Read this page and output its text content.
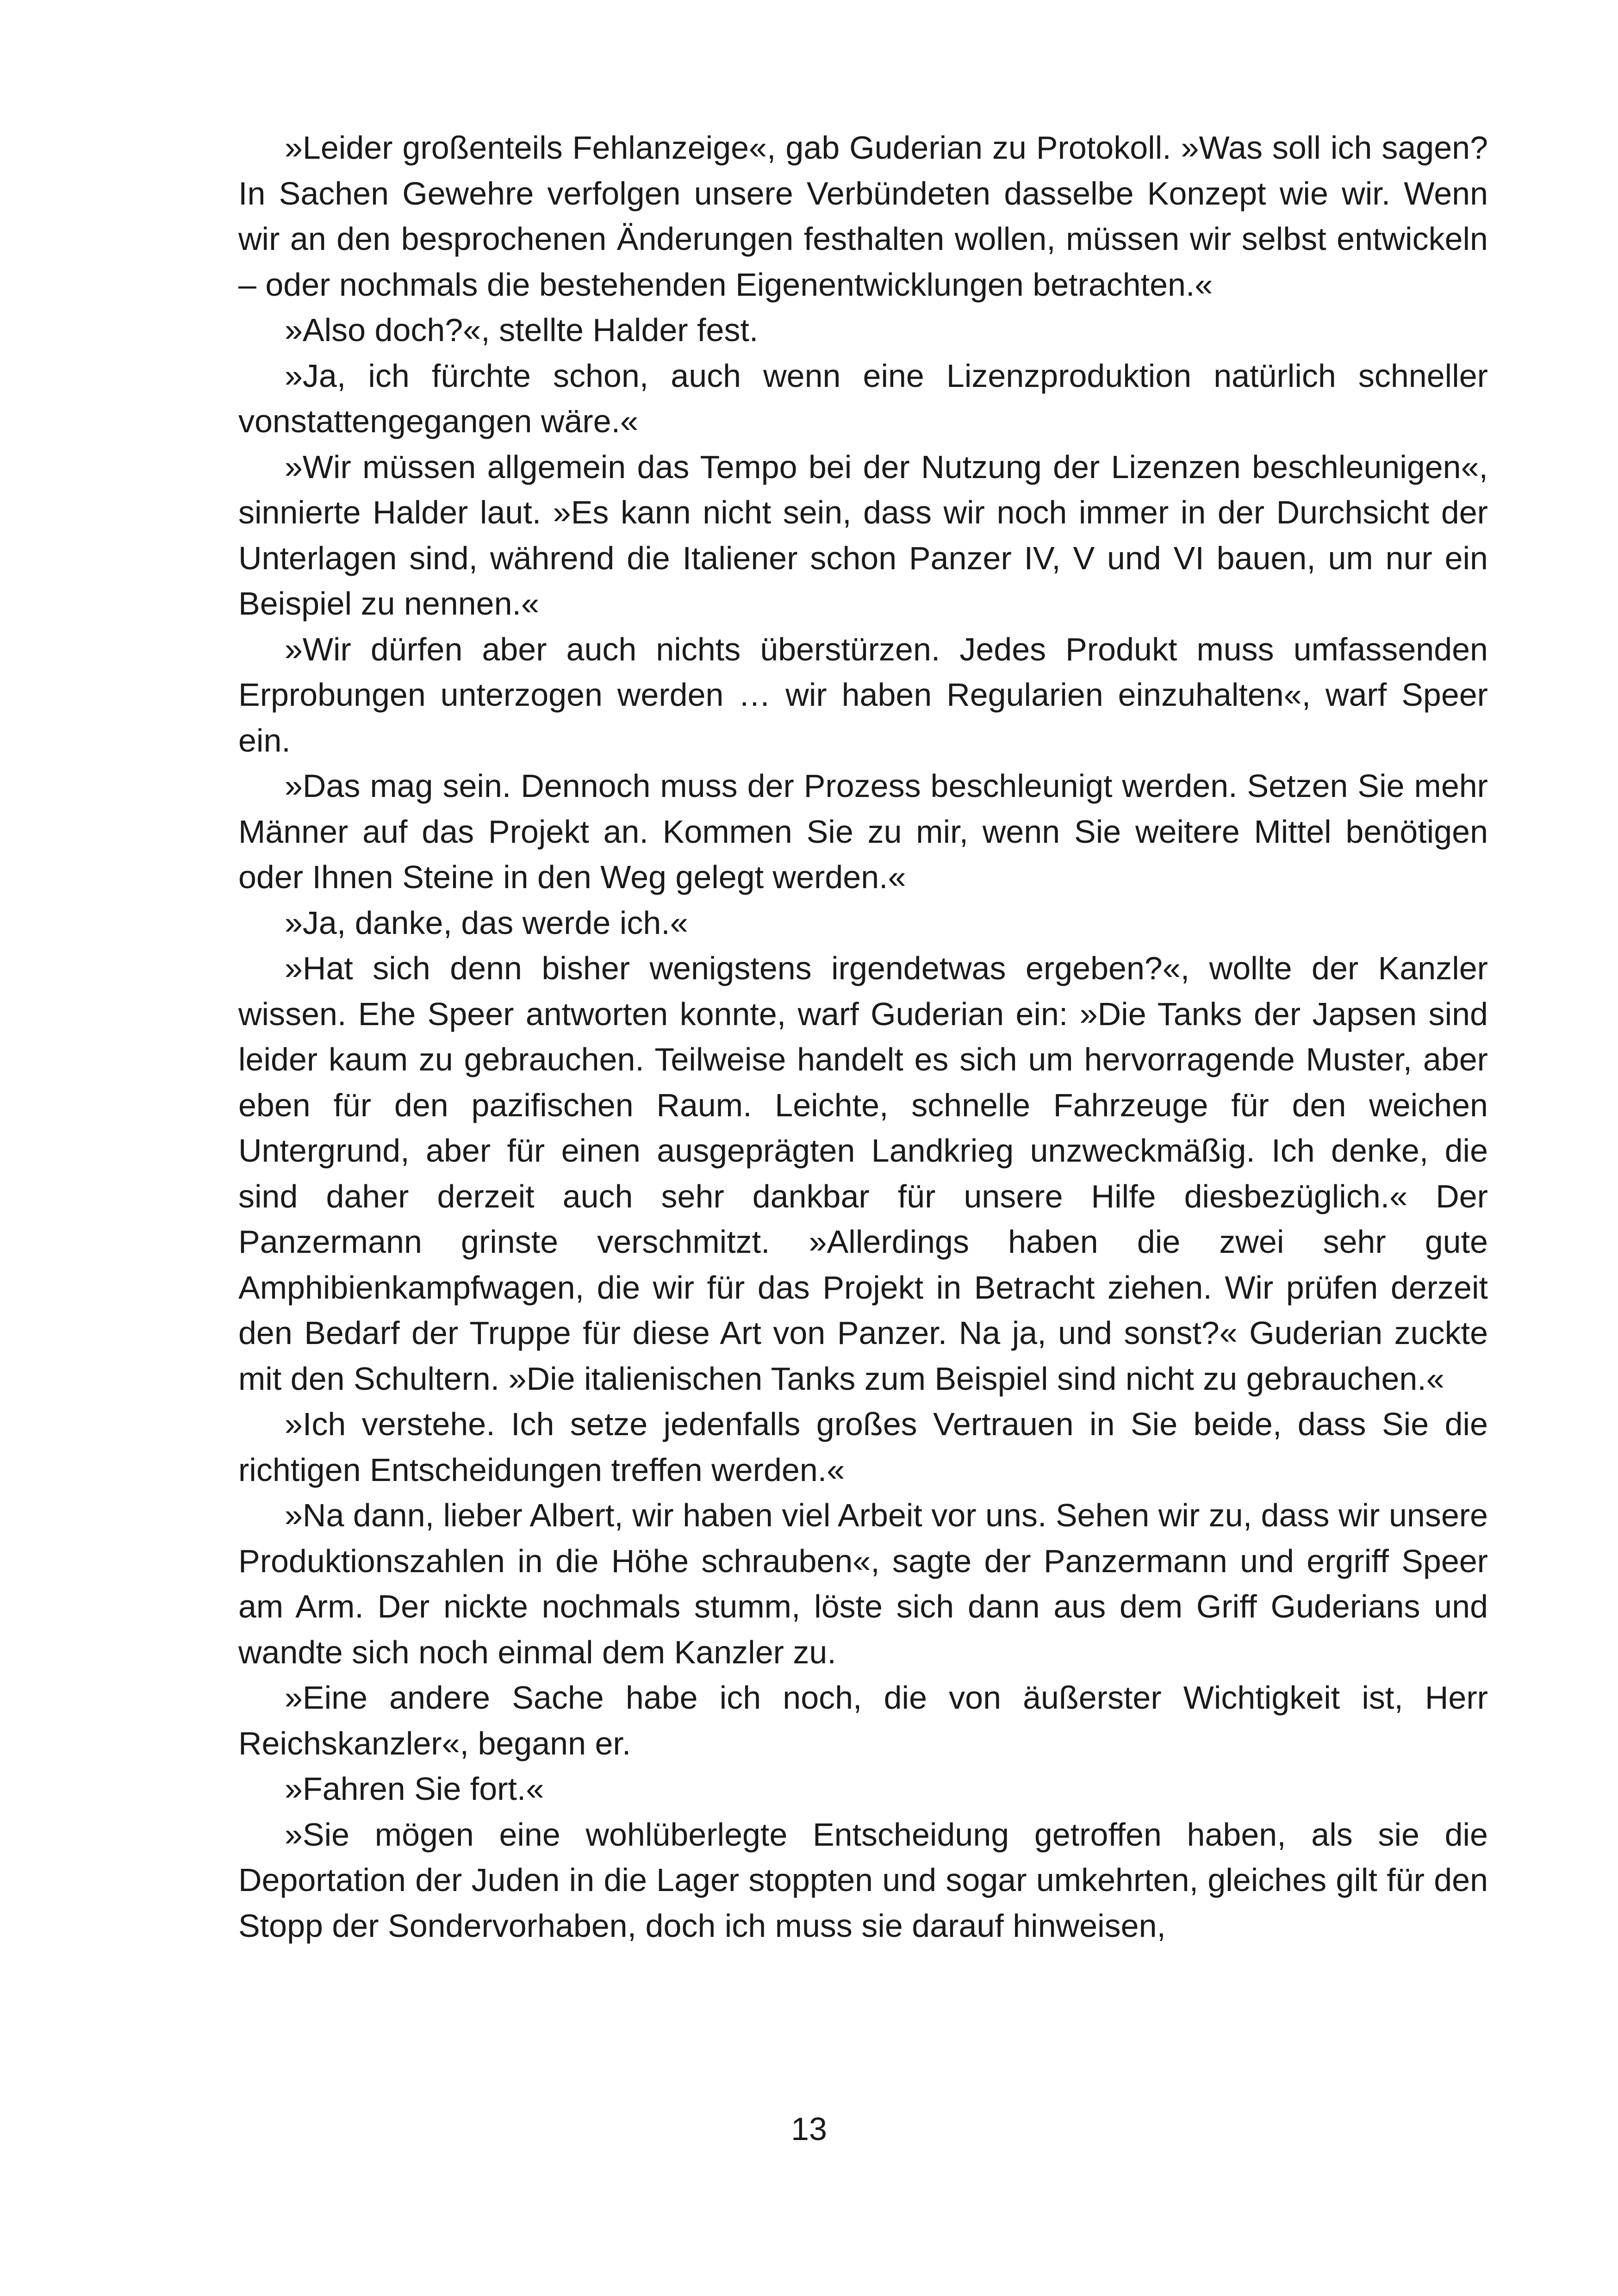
»Leider großenteils Fehlanzeige«, gab Guderian zu Protokoll. »Was soll ich sagen? In Sachen Gewehre verfolgen unsere Verbündeten dasselbe Konzept wie wir. Wenn wir an den besprochenen Änderungen festhalten wollen, müssen wir selbst entwickeln – oder nochmals die bestehenden Eigenentwicklungen betrachten.«

»Also doch?«, stellte Halder fest.

»Ja, ich fürchte schon, auch wenn eine Lizenzproduktion natürlich schneller vonstattengegangen wäre.«

»Wir müssen allgemein das Tempo bei der Nutzung der Lizenzen beschleunigen«, sinnierte Halder laut. »Es kann nicht sein, dass wir noch immer in der Durchsicht der Unterlagen sind, während die Italiener schon Panzer IV, V und VI bauen, um nur ein Beispiel zu nennen.«

»Wir dürfen aber auch nichts überstürzen. Jedes Produkt muss umfassenden Erprobungen unterzogen werden … wir haben Regularien einzuhalten«, warf Speer ein.

»Das mag sein. Dennoch muss der Prozess beschleunigt werden. Setzen Sie mehr Männer auf das Projekt an. Kommen Sie zu mir, wenn Sie weitere Mittel benötigen oder Ihnen Steine in den Weg gelegt werden.«

»Ja, danke, das werde ich.«

»Hat sich denn bisher wenigstens irgendetwas ergeben?«, wollte der Kanzler wissen. Ehe Speer antworten konnte, warf Guderian ein: »Die Tanks der Japsen sind leider kaum zu gebrauchen. Teilweise handelt es sich um hervorragende Muster, aber eben für den pazifischen Raum. Leichte, schnelle Fahrzeuge für den weichen Untergrund, aber für einen ausgeprägten Landkrieg unzweckmäßig. Ich denke, die sind daher derzeit auch sehr dankbar für unsere Hilfe diesbezüglich.« Der Panzermann grinste verschmitzt. »Allerdings haben die zwei sehr gute Amphibienkampfwagen, die wir für das Projekt in Betracht ziehen. Wir prüfen derzeit den Bedarf der Truppe für diese Art von Panzer. Na ja, und sonst?« Guderian zuckte mit den Schultern. »Die italienischen Tanks zum Beispiel sind nicht zu gebrauchen.«

»Ich verstehe. Ich setze jedenfalls großes Vertrauen in Sie beide, dass Sie die richtigen Entscheidungen treffen werden.«

»Na dann, lieber Albert, wir haben viel Arbeit vor uns. Sehen wir zu, dass wir unsere Produktionszahlen in die Höhe schrauben«, sagte der Panzermann und ergriff Speer am Arm. Der nickte nochmals stumm, löste sich dann aus dem Griff Guderians und wandte sich noch einmal dem Kanzler zu.

»Eine andere Sache habe ich noch, die von äußerster Wichtigkeit ist, Herr Reichskanzler«, begann er.

»Fahren Sie fort.«

»Sie mögen eine wohlüberlegte Entscheidung getroffen haben, als sie die Deportation der Juden in die Lager stoppten und sogar umkehrten, gleiches gilt für den Stopp der Sondervorhaben, doch ich muss sie darauf hinweisen,

13
